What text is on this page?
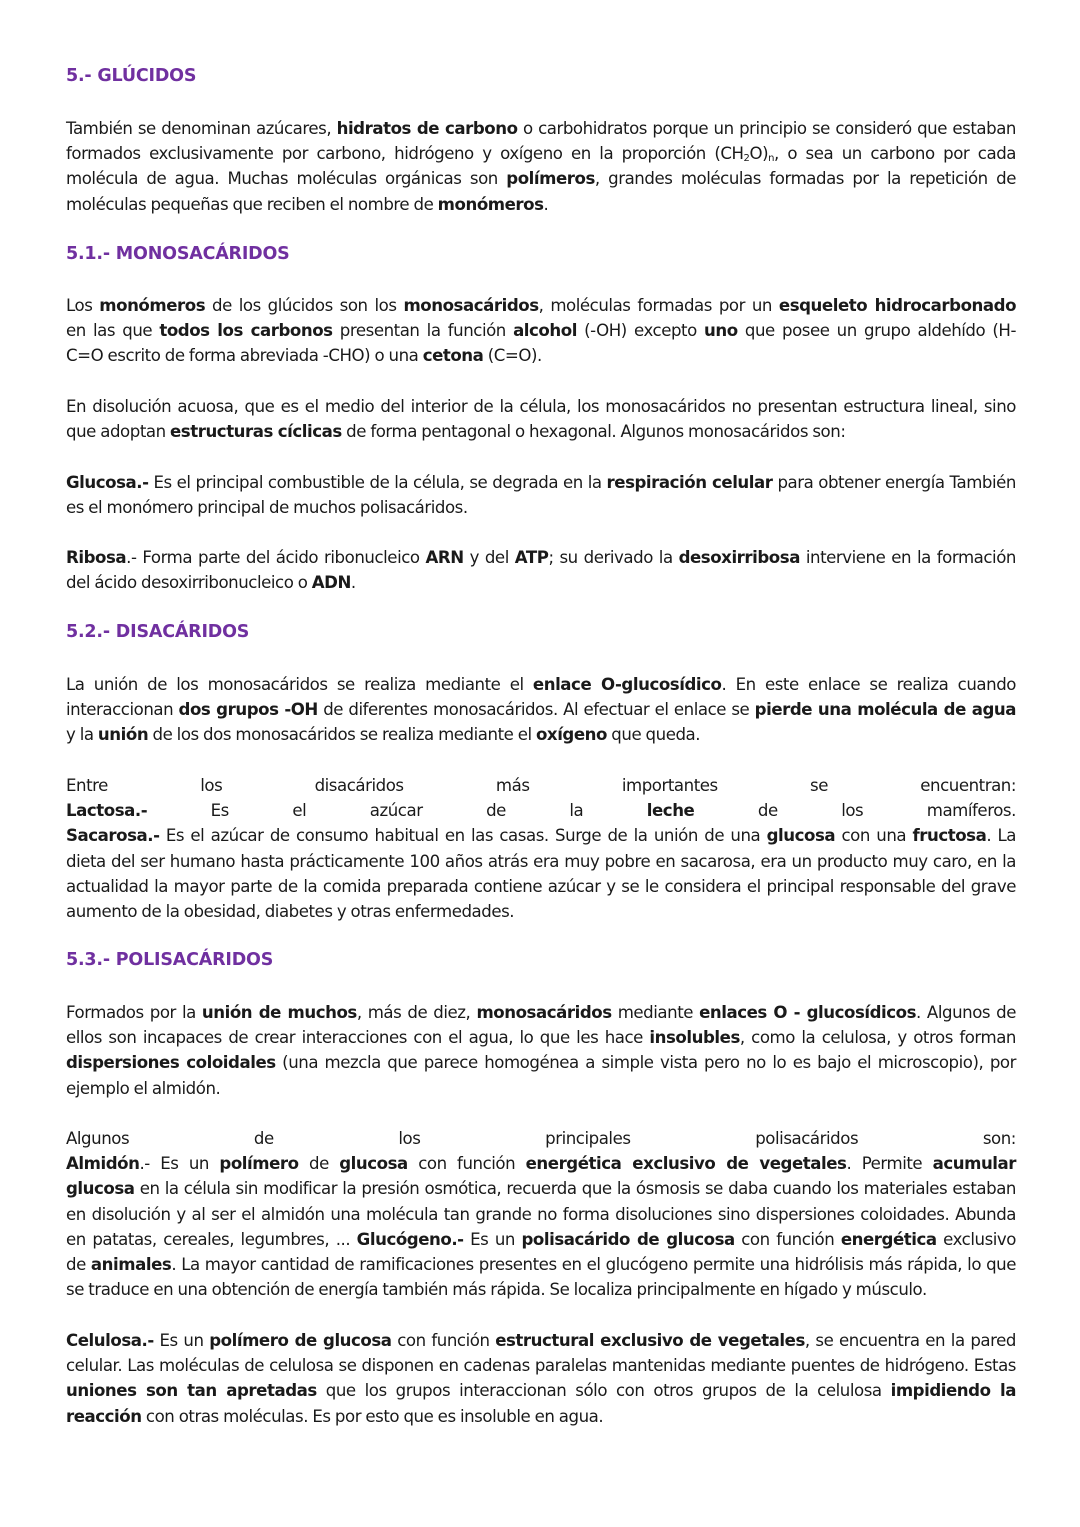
5.- GLÚCIDOS
También se denominan azúcares, hidratos de carbono o carbohidratos porque un principio se consideró que estaban
formados exclusivamente por carbono, hidrógeno y oxígeno en la proporción $(CH_2O)_n$, o sea un carbono por cada
molécula de agua. Muchas moléculas orgánicas son polímeros, grandes moléculas formadas por la repetición de
moléculas pequeñas que reciben el nombre de monómeros.
5.1.- MONOSACÁRIDOS
Los monómeros de los glúcidos son los monosacáridos, moléculas formadas por un esqueleto hidrocarbonado
en las que todos los carbonos presentan la función alcohol (-OH) excepto uno que posee un grupo aldehído (H-
C=O escrito de forma abreviada -CHO) o una cetona (C=O).
En disolución acuosa, que es el medio del interior de la célula, los monosacáridos no presentan estructura lineal, sino
que adoptan estructuras cíclicas de forma pentagonal o hexagonal. Algunos monosacáridos son:
Glucosa.- Es el principal combustible de la célula, se degrada en la respiración celular para obtener energía También
es el monómero principal de muchos polisacáridos.
Ribosa.- Forma parte del ácido ribonucleico ARN y del ATP; su derivado la desoxirribosa interviene en la formación
del ácido desoxirribonucleico o ADN.
5.2.- DISACÁRIDOS
La unión de los monosacáridos se realiza mediante el enlace O-glucosídico. En este enlace se realiza cuando
interaccionan dos grupos -OH de diferentes monosacáridos. Al efectuar el enlace se pierde una molécula de agua
y la unión de los dos monosacáridos se realiza mediante el oxígeno que queda.
Entre	los	disacáridos	más	importantes	se	encuentran:
Lactosa.-	Es	el	azúcar	de	la	leche	de	los	mamíferos.
Sacarosa.- Es el azúcar de consumo habitual en las casas. Surge de la unión de una glucosa con una fructosa. La
dieta del ser humano hasta prácticamente 100 años atrás era muy pobre en sacarosa, era un producto muy caro, en la
actualidad la mayor parte de la comida preparada contiene azúcar y se le considera el principal responsable del grave
aumento de la obesidad, diabetes y otras enfermedades.
5.3.- POLISACÁRIDOS
Formados por la unión de muchos, más de diez, monosacáridos mediante enlaces O - glucosídicos. Algunos de
ellos son incapaces de crear interacciones con el agua, lo que les hace insolubles, como la celulosa, y otros forman
dispersiones coloidales (una mezcla que parece homogénea a simple vista pero no lo es bajo el microscopio), por
ejemplo el almidón.
Algunos	de	los	principales	polisacáridos	son:
Almidón.- Es un polímero de glucosa con función energética exclusivo de vegetales. Permite acumular
glucosa en la célula sin modificar la presión osmótica, recuerda que la ósmosis se daba cuando los materiales estaban
en disolución y al ser el almidón una molécula tan grande no forma disoluciones sino dispersiones coloidades. Abunda
en patatas, cereales, legumbres, ... Glucógeno.- Es un polisacárido de glucosa con función energética exclusivo
de animales. La mayor cantidad de ramificaciones presentes en el glucógeno permite una hidrólisis más rápida, lo que
se traduce en una obtención de energía también más rápida. Se localiza principalmente en hígado y músculo.
Celulosa.- Es un polímero de glucosa con función estructural exclusivo de vegetales, se encuentra en la pared
celular. Las moléculas de celulosa se disponen en cadenas paralelas mantenidas mediante puentes de hidrógeno. Estas
uniones son tan apretadas que los grupos interaccionan sólo con otros grupos de la celulosa impidiendo la
reacción con otras moléculas. Es por esto que es insoluble en agua.
